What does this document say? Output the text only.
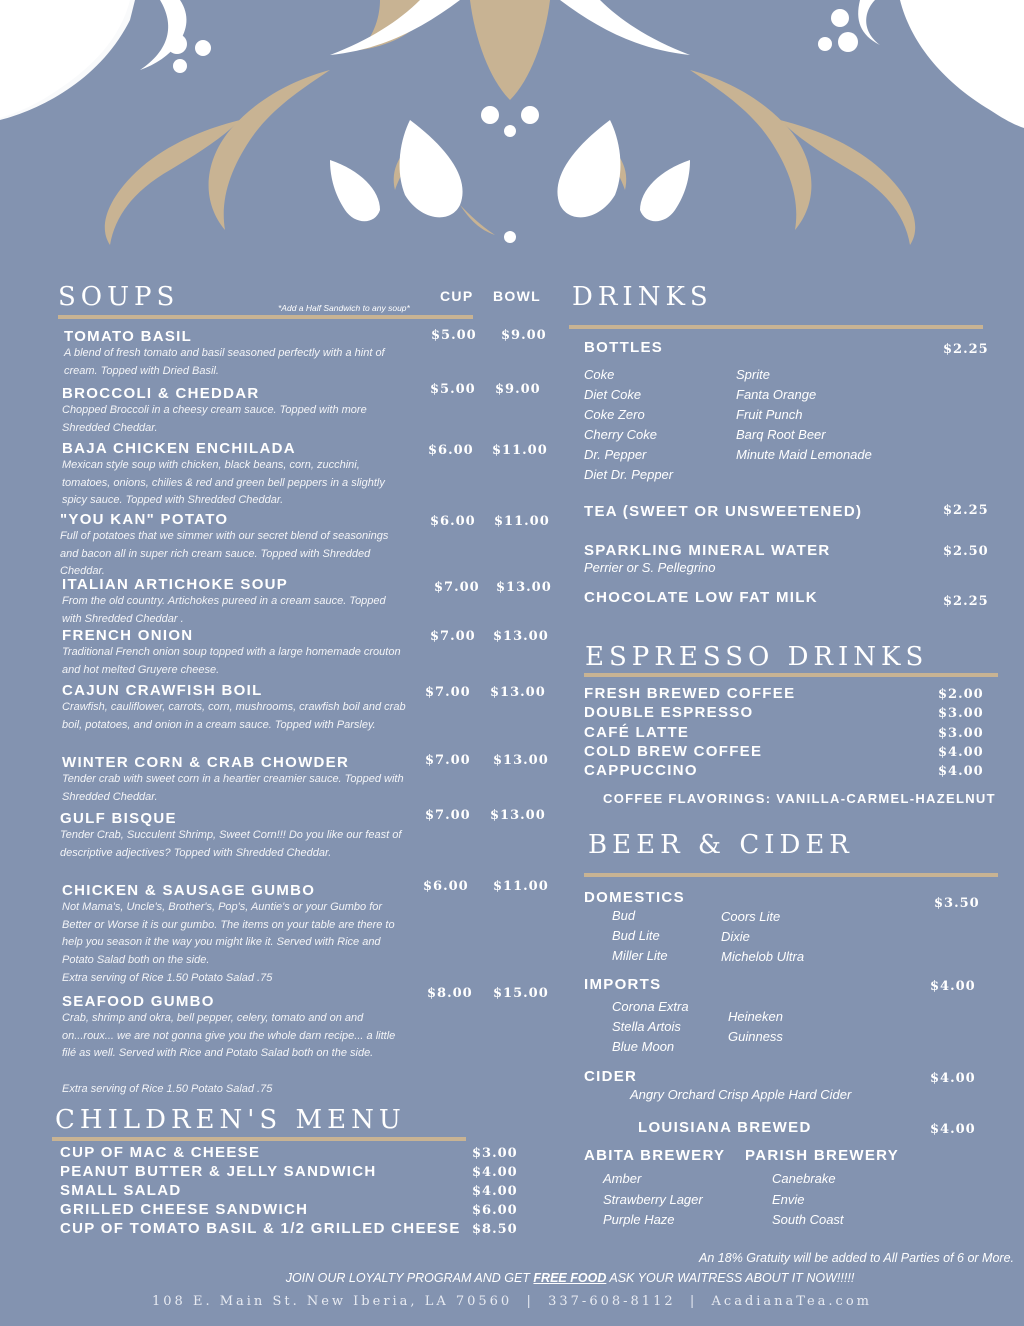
SOUPS	*Add a Half Sandwich to any soup*
CUP BOWL
TOMATO BASIL
A blend of fresh tomato and basil seasoned perfectly with a hint of cream. Topped with Dried Basil.
$5.00 $9.00
BROCCOLI & CHEDDAR
Chopped Broccoli in a cheesy cream sauce. Topped with more Shredded Cheddar.
$5.00 $9.00
BAJA CHICKEN ENCHILADA
Mexican style soup with chicken, black beans, corn, zucchini, tomatoes, onions, chilies & red and green bell peppers in a slightly spicy sauce. Topped with Shredded Cheddar.
$6.00 $11.00
"YOU KAN" POTATO
Full of potatoes that we simmer with our secret blend of seasonings and bacon all in super rich cream sauce. Topped with Shredded Cheddar.
$6.00 $11.00
ITALIAN ARTICHOKE SOUP
From the old country. Artichokes pureed in a cream sauce. Topped with Shredded Cheddar .
$7.00 $13.00
FRENCH ONION
Traditional French onion soup topped with a large homemade crouton and hot melted Gruyere cheese.
$7.00 $13.00
CAJUN CRAWFISH BOIL
Crawfish, cauliflower, carrots, corn, mushrooms, crawfish boil and crab boil, potatoes, and onion in a cream sauce. Topped with Parsley.
$7.00 $13.00
WINTER CORN & CRAB CHOWDER
Tender crab with sweet corn in a heartier creamier sauce. Topped with Shredded Cheddar.
$7.00 $13.00
GULF BISQUE
Tender Crab, Succulent Shrimp, Sweet Corn!!! Do you like our feast of descriptive adjectives? Topped with Shredded Cheddar.
$7.00 $13.00
CHICKEN & SAUSAGE GUMBO
Not Mama's, Uncle's, Brother's, Pop's, Auntie's or your Gumbo for Better or Worse it is our gumbo. The items on your table are there to help you season it the way you might like it. Served with Rice and Potato Salad both on the side.
Extra serving of Rice 1.50 Potato Salad .75
$6.00 $11.00
SEAFOOD GUMBO
Crab, shrimp and okra, bell pepper, celery, tomato and on and on...roux... we are not gonna give you the whole darn recipe... a little filé as well. Served with Rice and Potato Salad both on the side.
Extra serving of Rice 1.50 Potato Salad .75
$8.00 $15.00
CHILDREN'S MENU
CUP OF MAC & CHEESE	$3.00
PEANUT BUTTER & JELLY SANDWICH	$4.00
SMALL SALAD	$4.00
GRILLED CHEESE SANDWICH	$6.00
CUP OF TOMATO BASIL & 1/2 GRILLED CHEESE $8.50
DRINKS
BOTTLES	$2.25
Coke
Diet Coke
Coke Zero
Cherry Coke
Dr. Pepper
Diet Dr. Pepper
Sprite
Fanta Orange
Fruit Punch
Barq Root Beer
Minute Maid Lemonade
TEA (SWEET OR UNSWEETENED)	$2.25
SPARKLING MINERAL WATER
Perrier or S. Pellegrino
$2.50
CHOCOLATE LOW FAT MILK	$2.25
ESPRESSO DRINKS
FRESH BREWED COFFEE	$2.00
DOUBLE ESPRESSO	$3.00
CAFÉ LATTE	$3.00
COLD BREW COFFEE	$4.00
CAPPUCCINO	$4.00
COFFEE FLAVORINGS: VANILLA-CARMEL-HAZELNUT
BEER & CIDER
DOMESTICS	$3.50
Bud
Bud Lite
Miller Lite
Coors Lite
Dixie
Michelob Ultra
IMPORTS	$4.00
Corona Extra
Stella Artois
Blue Moon
Heineken
Guinness
CIDER	$4.00
Angry Orchard Crisp Apple Hard Cider
LOUISIANA BREWED	$4.00
ABITA BREWERY PARISH BREWERY
Amber
Strawberry Lager
Purple Haze
Canebrake
Envie
South Coast
An 18% Gratuity will be added to All Parties of 6 or More.
JOIN OUR LOYALTY PROGRAM AND GET FREE FOOD ASK YOUR WAITRESS ABOUT IT NOW!!!!!
108 E. Main St. New Iberia, LA 70560  |  337-608-8112  |  AcadianaTea.com
